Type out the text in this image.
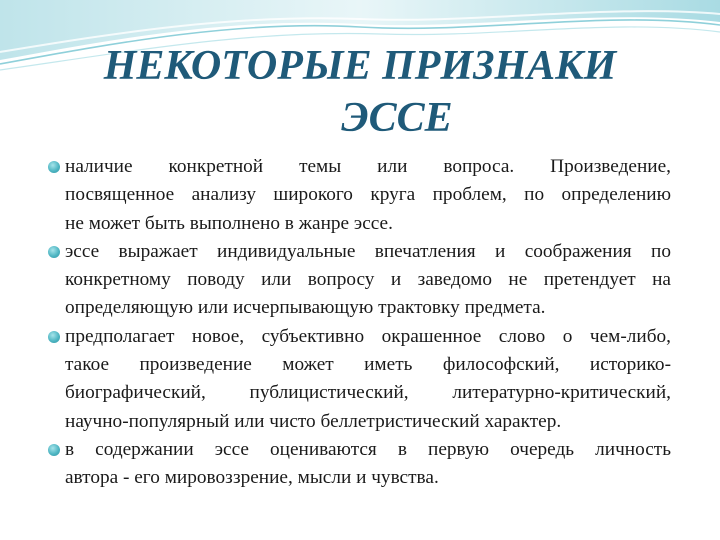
НЕКОТОРЫЕ ПРИЗНАКИ
ЭССЕ
наличие конкретной темы или вопроса. Произведение,
посвященное анализу широкого круга проблем, по определению
не может быть выполнено в жанре эссе.
эссе выражает индивидуальные впечатления и соображения по
конкретному поводу или вопросу и заведомо не претендует на
определяющую или исчерпывающую трактовку предмета.
предполагает новое, субъективно окрашенное слово о чем-либо,
такое произведение может иметь философский, историко-
биографический, публицистический, литературно-критический,
научно-популярный или чисто беллетристический характер.
в содержании эссе оцениваются в первую очередь личность
автора - его мировоззрение, мысли и чувства.
